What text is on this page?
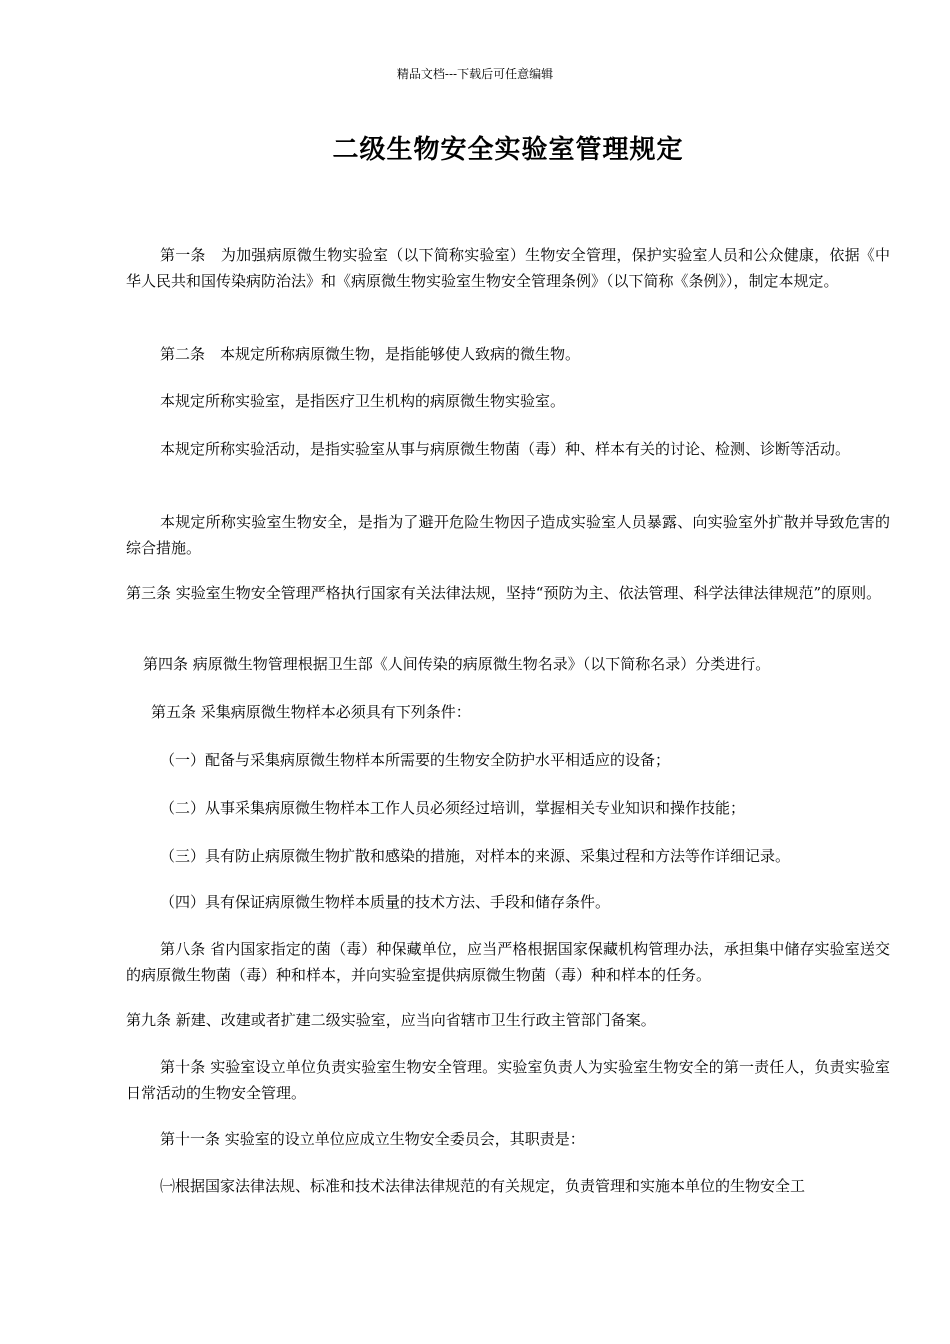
精品文档---下载后可任意编辑
二级生物安全实验室管理规定

第一条　为加强病原微生物实验室（以下简称实验室）生物安全管理，保护实验室人员和公众健康，依据《中华人民共和国传染病防治法》和《病原微生物实验室生物安全管理条例》（以下简称《条例》），制定本规定。

第二条　本规定所称病原微生物，是指能够使人致病的微生物。

本规定所称实验室，是指医疗卫生机构的病原微生物实验室。

本规定所称实验活动，是指实验室从事与病原微生物菌（毒）种、样本有关的讨论、检测、诊断等活动。

本规定所称实验室生物安全，是指为了避开危险生物因子造成实验室人员暴露、向实验室外扩散并导致危害的综合措施。

第三条 实验室生物安全管理严格执行国家有关法律法规，坚持“预防为主、依法管理、科学法律法律规范”的原则。

第四条 病原微生物管理根据卫生部《人间传染的病原微生物名录》（以下简称名录）分类进行。

第五条 采集病原微生物样本必须具有下列条件：

（一）配备与采集病原微生物样本所需要的生物安全防护水平相适应的设备；

（二）从事采集病原微生物样本工作人员必须经过培训，掌握相关专业知识和操作技能；

（三）具有防止病原微生物扩散和感染的措施，对样本的来源、采集过程和方法等作详细记录。

（四）具有保证病原微生物样本质量的技术方法、手段和储存条件。

第八条 省内国家指定的菌（毒）种保藏单位，应当严格根据国家保藏机构管理办法，承担集中储存实验室送交的病原微生物菌（毒）种和样本，并向实验室提供病原微生物菌（毒）种和样本的任务。

第九条 新建、改建或者扩建二级实验室，应当向省辖市卫生行政主管部门备案。

第十条 实验室设立单位负责实验室生物安全管理。实验室负责人为实验室生物安全的第一责任人，负责实验室日常活动的生物安全管理。

第十一条 实验室的设立单位应成立生物安全委员会，其职责是：

㈠根据国家法律法规、标准和技术法律法律规范的有关规定，负责管理和实施本单位的生物安全工
